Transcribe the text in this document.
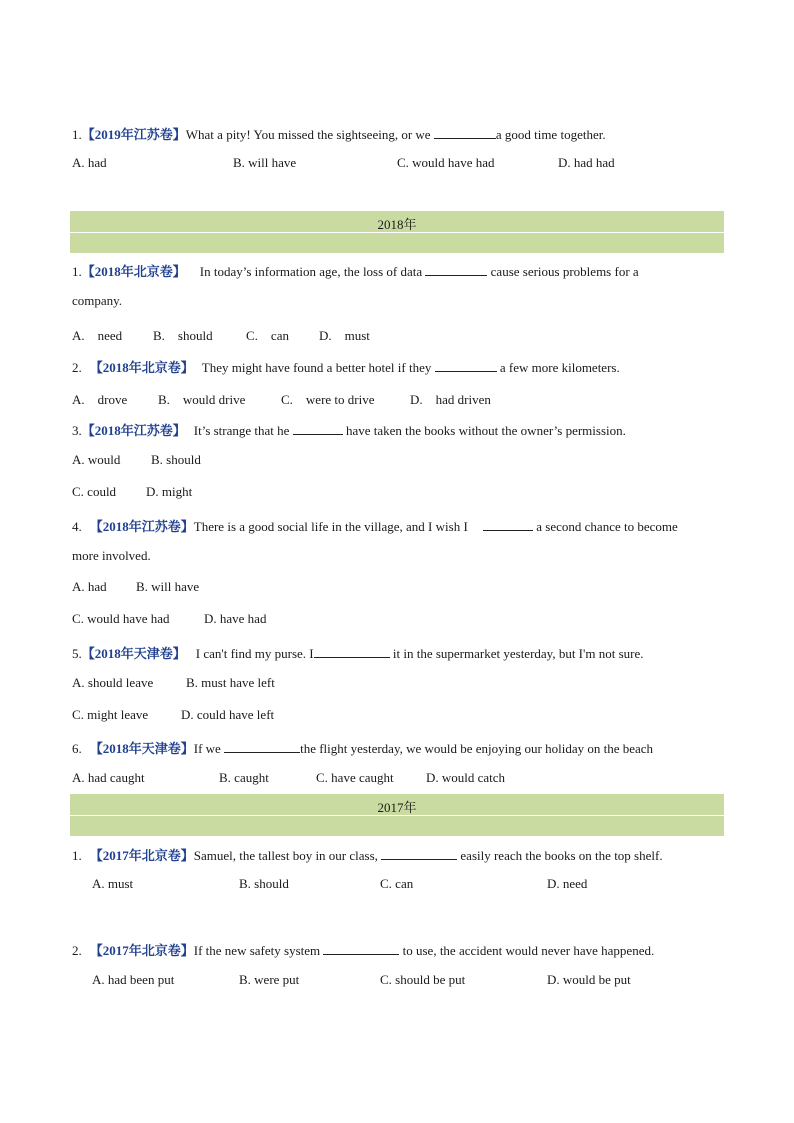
1.【2019年江苏卷】What a pity! You missed the sightseeing, or we	a good time together.
A. had	B. will have	C. would have had	D. had had
2018年
1.【2018年北京卷】 In today’s information age, the loss of data	cause serious problems for a
company.
A.　need B.　should	C.　can D.　must
2. 【2018年北京卷】 They might have found a better hotel if they	a few more kilometers.
A.　drove B.　would drive	C.　were to drive	D.　had driven
3.【2018年江苏卷】 It’s strange that he	have taken the books without the owner’s permission.
A. would B. should
C. could D. might
4. 【2018年江苏卷】There is a good social life in the village, and I wish I	a second chance to become
more involved.
A. had B. will have
C. would have had	D. have had
5.【2018年天津卷】 I can't find my purse. I	it in the supermarket yesterday, but I'm not sure.
A. should leave	B. must have left
C. might leave	D. could have left
6. 【2018年天津卷】If we	the flight yesterday, we would be enjoying our holiday on the beach
A. had caught	B. caught	C. have caught D. would catch
2017年
1. 【2017年北京卷】Samuel, the tallest boy in our class,	easily reach the books on the top shelf.
A. must	B. should	C. can	D. need
2. 【2017年北京卷】If the new safety system	to use, the accident would never have happened.
A. had been put	B. were put	C. should be put	D. would be put
